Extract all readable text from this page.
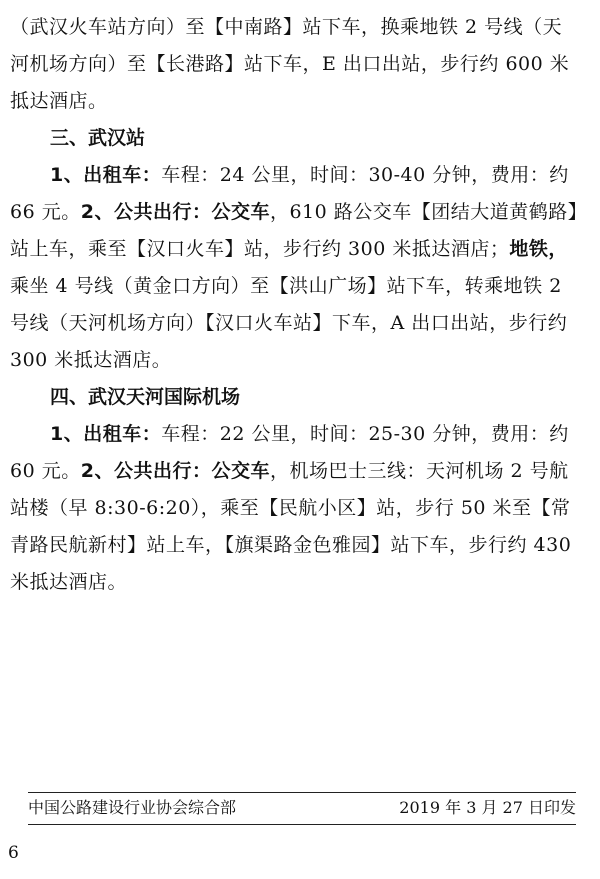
（武汉火车站方向）至【中南路】站下车，换乘地铁 2 号线（天
河机场方向）至【长港路】站下车，E 出口出站，步行约 600 米
抵达酒店。
三、武汉站
1、出租车：车程：24 公里，时间：30-40 分钟，费用：约
66 元。2、公共出行：公交车，610 路公交车【团结大道黄鹤路】
站上车，乘至【汉口火车】站，步行约 300 米抵达酒店；地铁，
乘坐 4 号线（黄金口方向）至【洪山广场】站下车，转乘地铁 2
号线（天河机场方向）【汉口火车站】下车，A 出口出站，步行约
300 米抵达酒店。
四、武汉天河国际机场
1、出租车：车程：22 公里，时间：25-30 分钟，费用：约
60 元。2、公共出行：公交车，机场巴士三线：天河机场 2 号航
站楼（早 8:30-6:20），乘至【民航小区】站，步行 50 米至【常
青路民航新村】站上车，【旗渠路金色雅园】站下车，步行约 430
米抵达酒店。
中国公路建设行业协会综合部	2019 年 3 月 27 日印发
6
